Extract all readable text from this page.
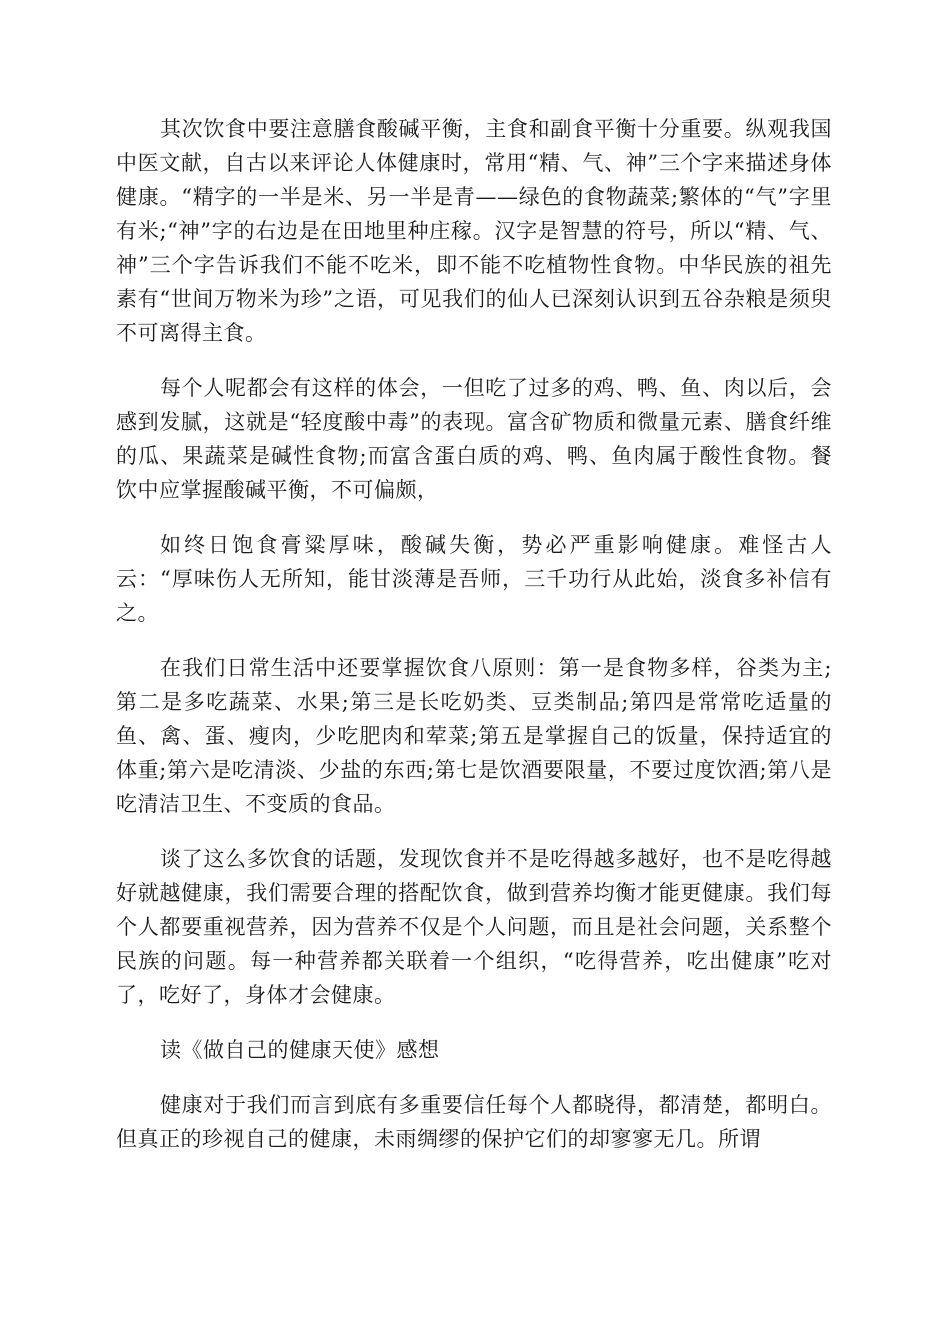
其次饮食中要注意膳食酸碱平衡，主食和副食平衡十分重要。纵观我国中医文献，自古以来评论人体健康时，常用“精、气、神”三个字来描述身体健康。“精字的一半是米、另一半是青——绿色的食物蔬菜;繁体的“气”字里有米;“神”字的右边是在田地里种庄稼。汉字是智慧的符号，所以“精、气、神”三个字告诉我们不能不吃米，即不能不吃植物性食物。中华民族的祖先素有“世间万物米为珍”之语，可见我们的仙人已深刻认识到五谷杂粮是须臾不可离得主食。

每个人呢都会有这样的体会，一但吃了过多的鸡、鸭、鱼、肉以后，会感到发腻，这就是“轻度酸中毒”的表现。富含矿物质和微量元素、膳食纤维的瓜、果蔬菜是碱性食物;而富含蛋白质的鸡、鸭、鱼肉属于酸性食物。餐饮中应掌握酸碱平衡，不可偏颇，

如终日饱食膏粱厚味，酸碱失衡，势必严重影响健康。难怪古人云：“厚味伤人无所知，能甘淡薄是吾师，三千功行从此始，淡食多补信有之。

在我们日常生活中还要掌握饮食八原则：第一是食物多样，谷类为主;第二是多吃蔬菜、水果;第三是长吃奶类、豆类制品;第四是常常吃适量的鱼、禽、蛋、瘦肉，少吃肥肉和荤菜;第五是掌握自己的饭量，保持适宜的体重;第六是吃清淡、少盐的东西;第七是饮酒要限量，不要过度饮酒;第八是吃清洁卫生、不变质的食品。

谈了这么多饮食的话题，发现饮食并不是吃得越多越好，也不是吃得越好就越健康，我们需要合理的搭配饮食，做到营养均衡才能更健康。我们每个人都要重视营养，因为营养不仅是个人问题，而且是社会问题，关系整个民族的问题。每一种营养都关联着一个组织，“吃得营养，吃出健康”吃对了，吃好了，身体才会健康。

读《做自己的健康天使》感想

健康对于我们而言到底有多重要信任每个人都晓得，都清楚，都明白。但真正的珍视自己的健康，未雨绸缪的保护它们的却寥寥无几。所谓
